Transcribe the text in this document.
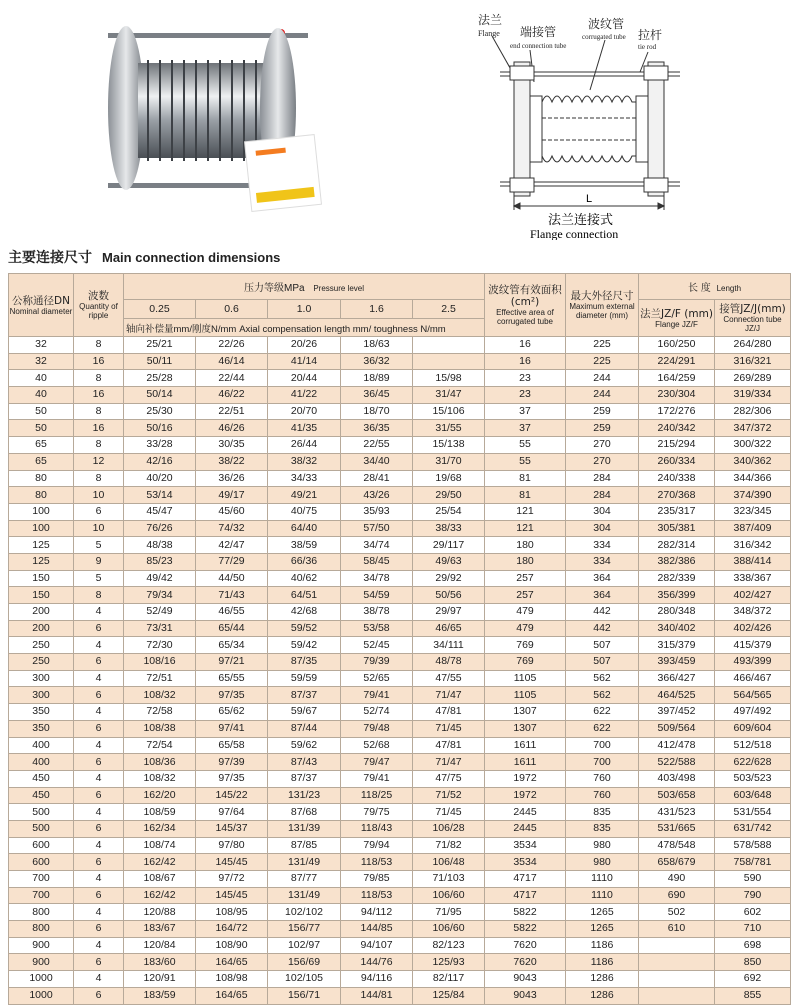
法兰
Flange 端接管
end connection tube
波纹管
corrugated tube 拉杆
tie rod
L
法兰连接式
Flange connection
主要连接尺寸 Main connection dimensions
公称通径DN
Nominal diameter	波数
Quantity of ripple	压力等级MPa Pressure level					波纹管有效面积(cm²)
Effective area of corrugated tube	最大外径尺寸
Maximum external diameter (mm)	长 度 Length	
		0.25	0.6	1.0	1.6	2.5			法兰JZ/F (mm)
Flange JZ/F	接管JZ/J(mm)
Connection tube JZ/J

		轴向补偿量mm/刚度N/mm Axial compensation length mm/ toughness N/mm								
32	8	25/21	22/26	20/26	18/63		16	225	160/250	264/280
32	16	50/11	46/14	41/14	36/32		16	225	224/291	316/321
40	8	25/28	22/44	20/44	18/89	15/98	23	244	164/259	269/289
40	16	50/14	46/22	41/22	36/45	31/47	23	244	230/304	319/334
50	8	25/30	22/51	20/70	18/70	15/106	37	259	172/276	282/306
50	16	50/16	46/26	41/35	36/35	31/55	37	259	240/342	347/372
65	8	33/28	30/35	26/44	22/55	15/138	55	270	215/294	300/322
65	12	42/16	38/22	38/32	34/40	31/70	55	270	260/334	340/362
80	8	40/20	36/26	34/33	28/41	19/68	81	284	240/338	344/366
80	10	53/14	49/17	49/21	43/26	29/50	81	284	270/368	374/390
100	6	45/47	45/60	40/75	35/93	25/54	121	304	235/317	323/345
100	10	76/26	74/32	64/40	57/50	38/33	121	304	305/381	387/409
125	5	48/38	42/47	38/59	34/74	29/117	180	334	282/314	316/342
125	9	85/23	77/29	66/36	58/45	49/63	180	334	382/386	388/414
150	5	49/42	44/50	40/62	34/78	29/92	257	364	282/339	338/367
150	8	79/34	71/43	64/51	54/59	50/56	257	364	356/399	402/427
200	4	52/49	46/55	42/68	38/78	29/97	479	442	280/348	348/372
200	6	73/31	65/44	59/52	53/58	46/65	479	442	340/402	402/426
250	4	72/30	65/34	59/42	52/45	34/111	769	507	315/379	415/379
250	6	108/16	97/21	87/35	79/39	48/78	769	507	393/459	493/399
300	4	72/51	65/55	59/59	52/65	47/55	1105	562	366/427	466/467
300	6	108/32	97/35	87/37	79/41	71/47	1105	562	464/525	564/565
350	4	72/58	65/62	59/67	52/74	47/81	1307	622	397/452	497/492
350	6	108/38	97/41	87/44	79/48	71/45	1307	622	509/564	609/604
400	4	72/54	65/58	59/62	52/68	47/81	1611	700	412/478	512/518
400	6	108/36	97/39	87/43	79/47	71/47	1611	700	522/588	622/628
450	4	108/32	97/35	87/37	79/41	47/75	1972	760	403/498	503/523
450	6	162/20	145/22	131/23	118/25	71/52	1972	760	503/658	603/648
500	4	108/59	97/64	87/68	79/75	71/45	2445	835	431/523	531/554
500	6	162/34	145/37	131/39	118/43	106/28	2445	835	531/665	631/742
600	4	108/74	97/80	87/85	79/94	71/82	3534	980	478/548	578/588
600	6	162/42	145/45	131/49	118/53	106/48	3534	980	658/679	758/781
700	4	108/67	97/72	87/77	79/85	71/103	4717	1110	490	590
700	6	162/42	145/45	131/49	118/53	106/60	4717	1110	690	790
800	4	120/88	108/95	102/102	94/112	71/95	5822	1265	502	602
800	6	183/67	164/72	156/77	144/85	106/60	5822	1265	610	710
900	4	120/84	108/90	102/97	94/107	82/123	7620	1186		698
900	6	183/60	164/65	156/69	144/76	125/93	7620	1186		850
1000	4	120/91	108/98	102/105	94/116	82/117	9043	1286		692
1000	6	183/59	164/65	156/71	144/81	125/84	9043	1286		855
